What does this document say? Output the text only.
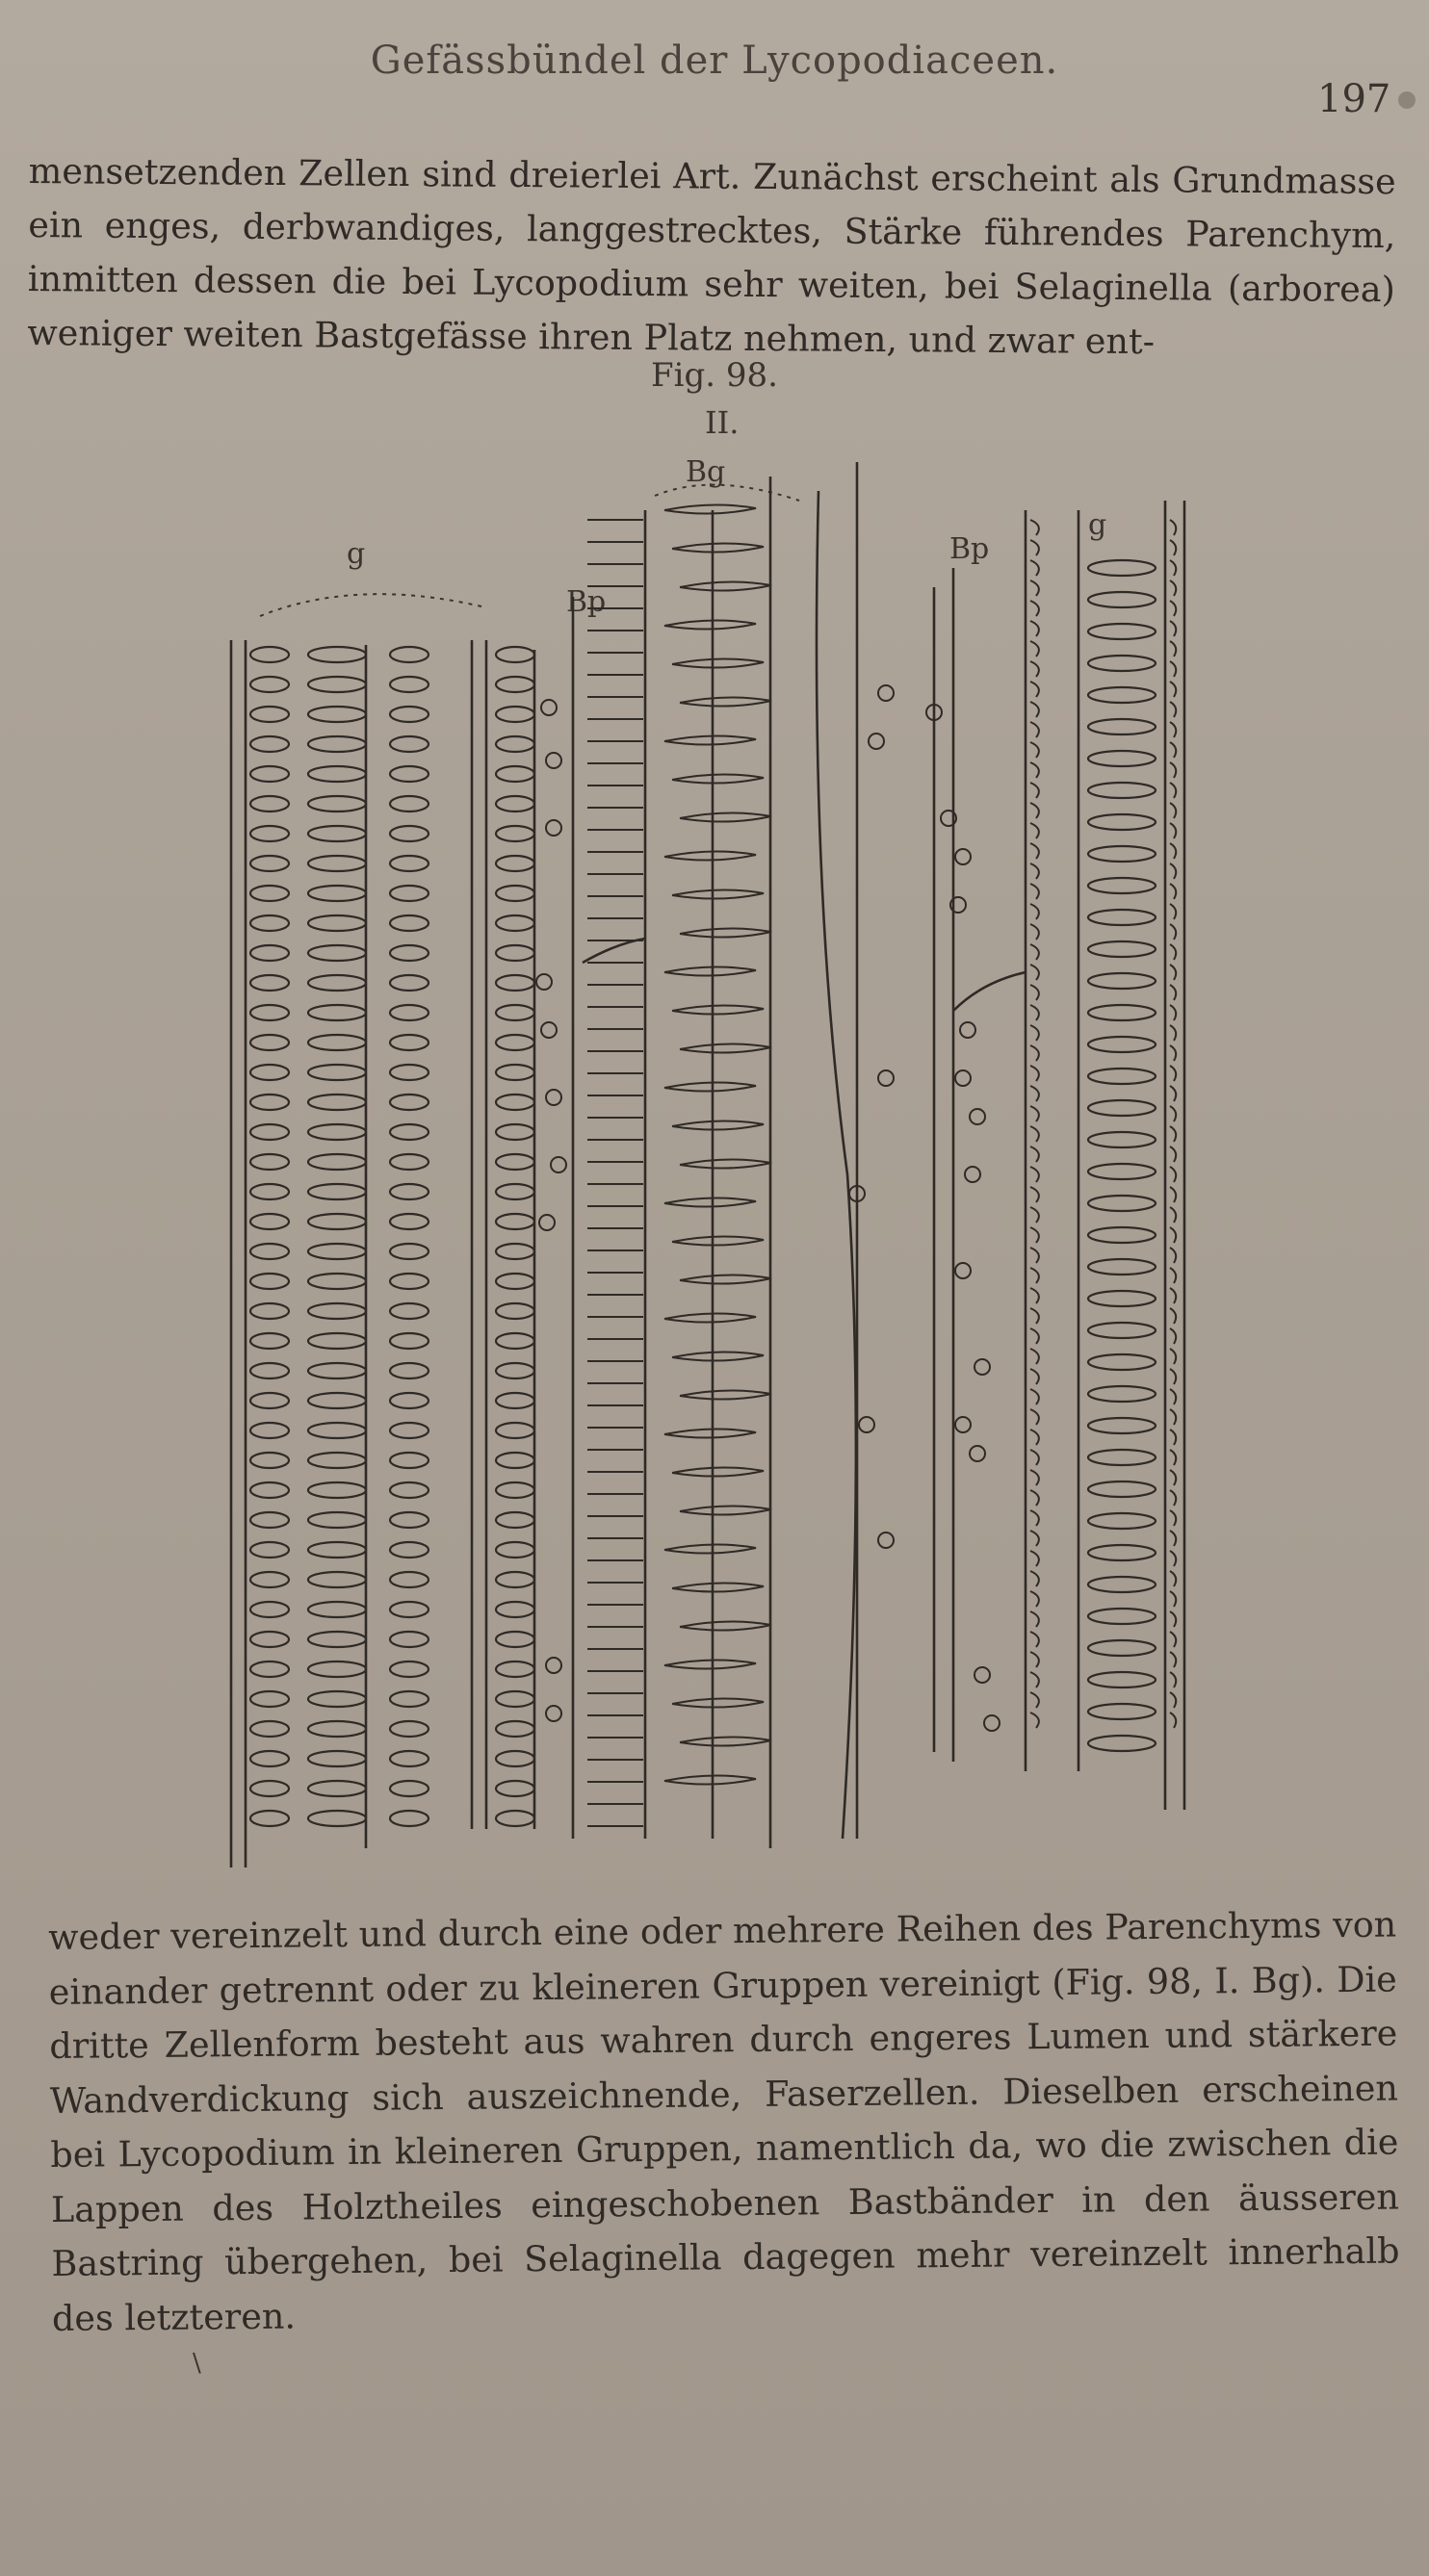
Gefässbündel der Lycopodiaceen.
197

mensetzenden Zellen sind dreierlei Art. Zunächst erscheint als Grundmasse ein enges, derbwandiges, langgestrecktes, Stärke führendes Parenchym, inmitten dessen die bei Lycopodium sehr weiten, bei Selaginella (arborea) weniger weiten Bastgefässe ihren Platz nehmen, und zwar ent-

Fig. 98.
II.
g
Bp
Bg
Bp
g

weder vereinzelt und durch eine oder mehrere Reihen des Parenchyms von einander getrennt oder zu kleineren Gruppen vereinigt (Fig. 98, I. Bg). Die dritte Zellenform besteht aus wahren durch engeres Lumen und stärkere Wandverdickung sich auszeichnende, Faserzellen. Dieselben erscheinen bei Lycopodium in kleineren Gruppen, namentlich da, wo die zwischen die Lappen des Holztheiles eingeschobenen Bastbänder in den äusseren Bastring übergehen, bei Selaginella dagegen mehr vereinzelt innerhalb des letzteren.

\
